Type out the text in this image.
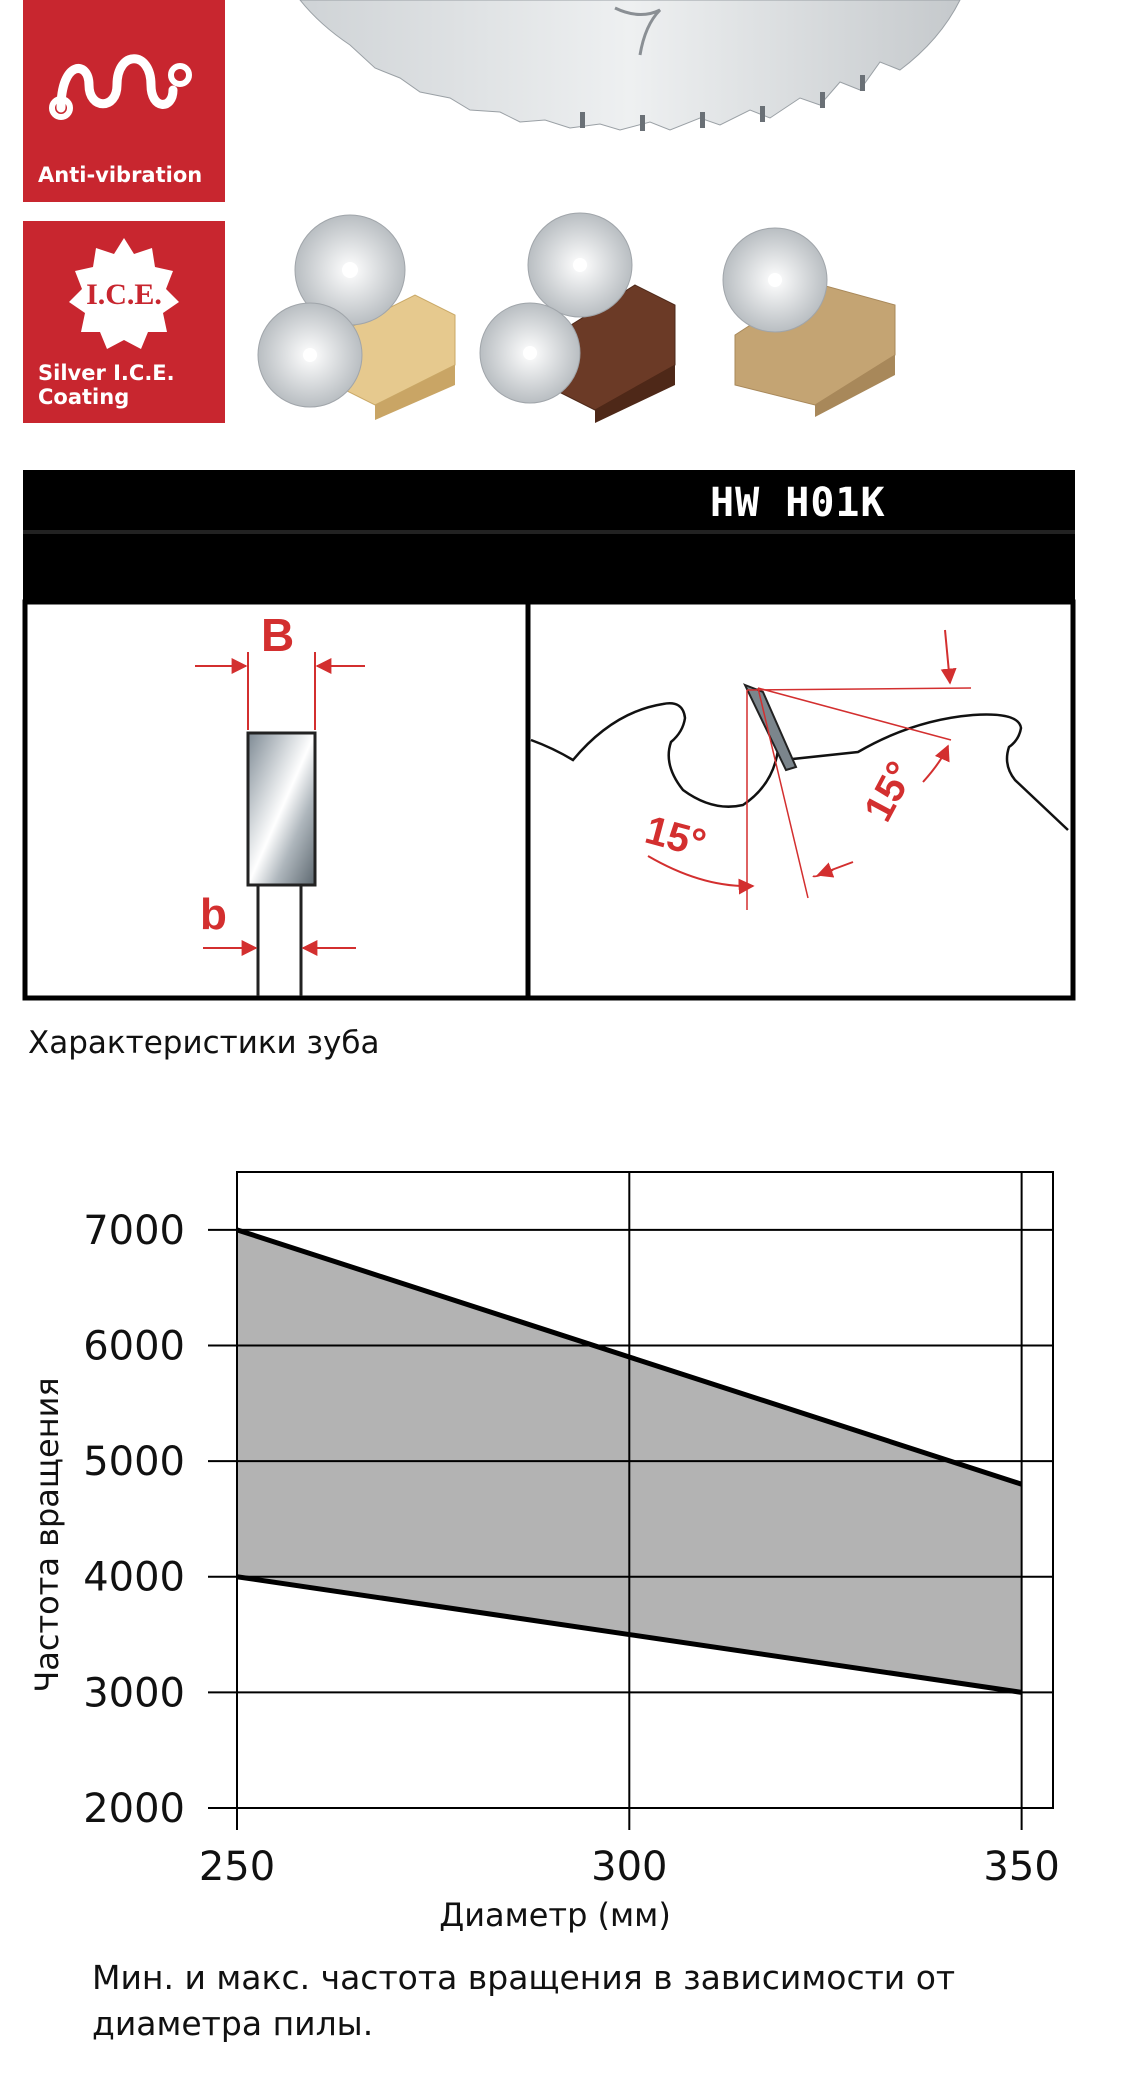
Anti-vibration
I.C.E.
Silver I.C.E.
Coating
HW H01K
B
b
15°
15°
Характеристики зуба
2000
3000
4000
5000
6000
7000
250	300	350
Диаметр (мм)
Частота вращения
Мин. и макс. частота вращения в зависимости от диаметра пилы.
